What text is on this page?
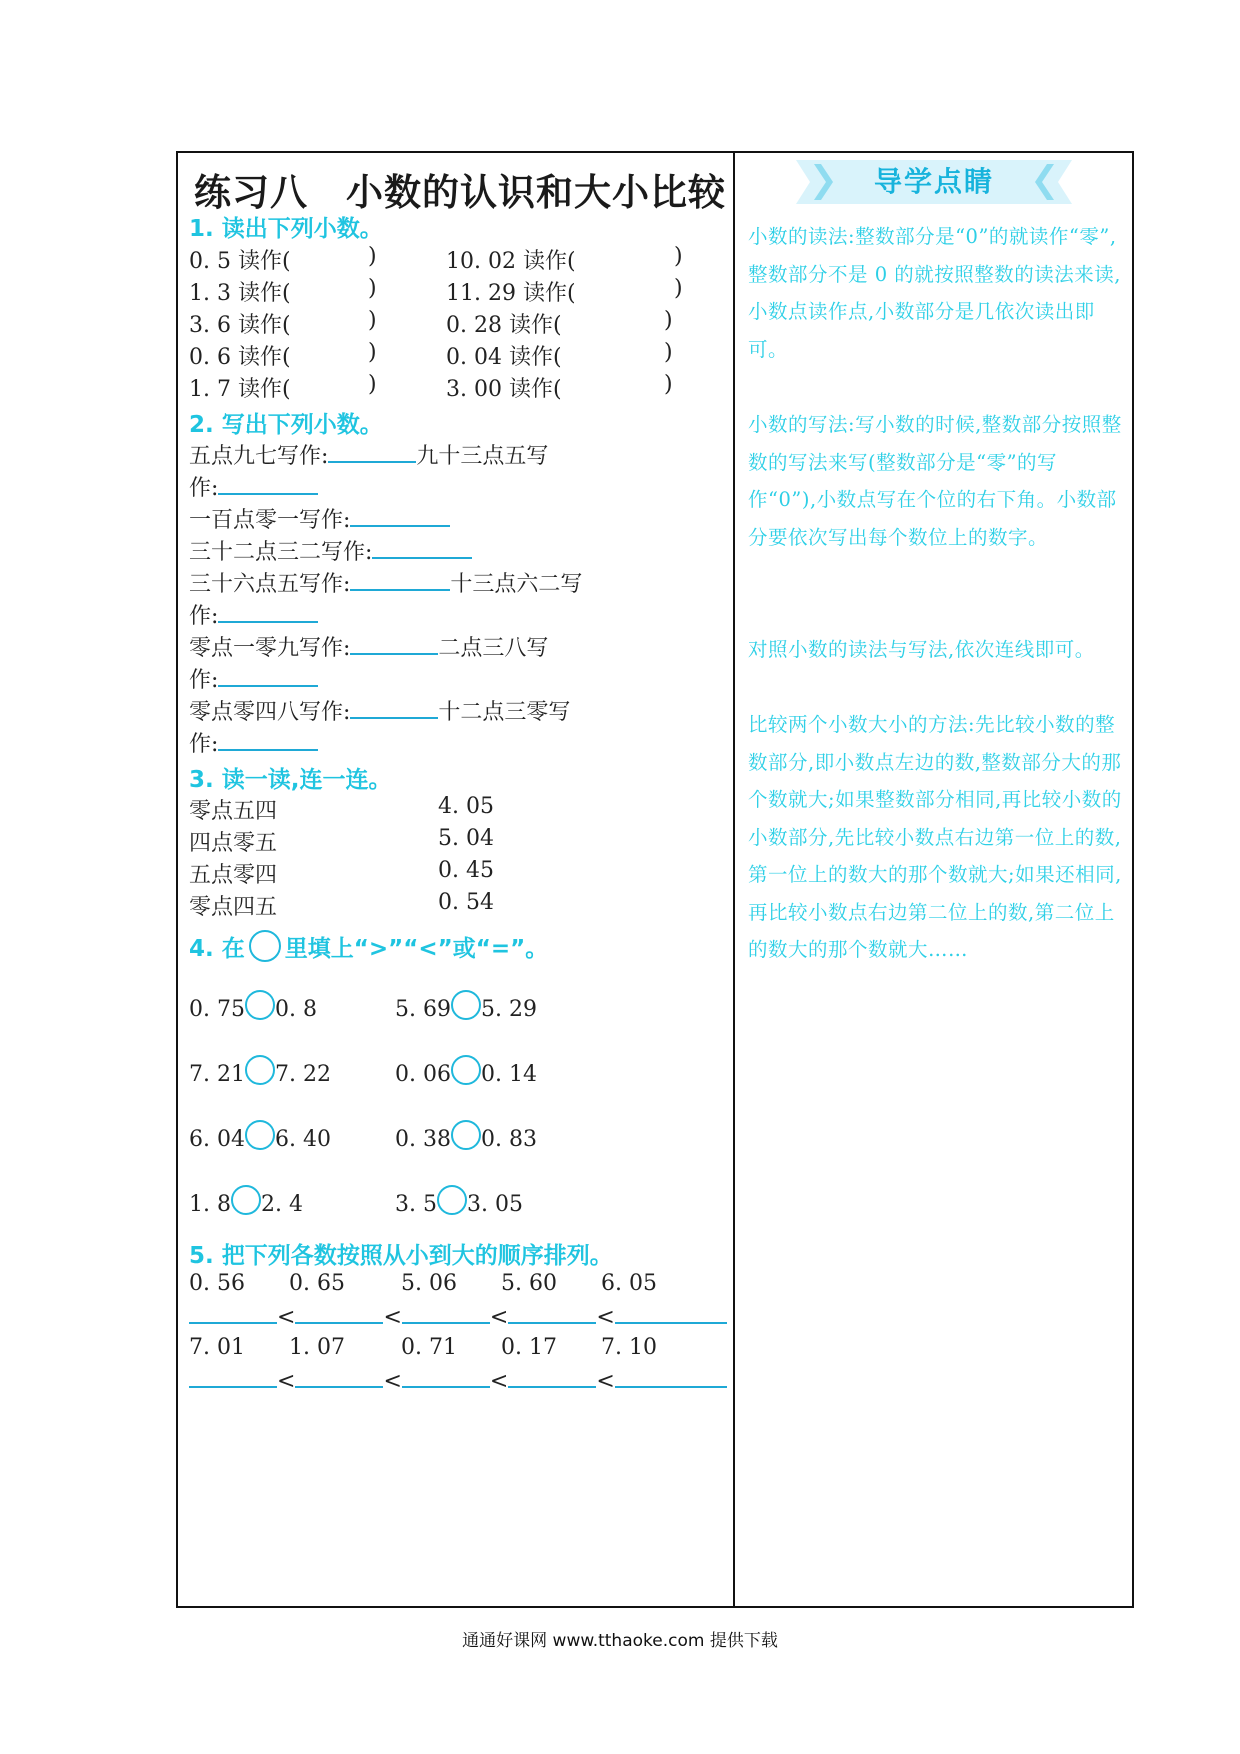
练习八　小数的认识和大小比较	导学点睛
1. 读出下列小数。
0. 5 读作(	)	10. 02 读作(	)
1. 3 读作(	)	11. 29 读作(	)
3. 6 读作(	)	0. 28 读作(	)
0. 6 读作(	)	0. 04 读作(	)
1. 7 读作(	)	3. 00 读作(	)
2. 写出下列小数。
五点九七写作:	九十三点五写
作:
一百点零一写作:
三十二点三二写作:
三十六点五写作:	十三点六二写
作:
零点一零九写作:	二点三八写
作:
零点零四八写作:	十二点三零写
作:
3. 读一读,连一连。
零点五四	4. 05
四点零五	5. 04
五点零四	0. 45
零点四五	0. 54
4. 在 里填上“>”“<”或“=”。
0. 75 0. 8	5. 69 5. 29
7. 21 7. 22	0. 06 0. 14
6. 04 6. 40	0. 38 0. 83
1. 8 2. 4	3. 5 3. 05
5. 把下列各数按照从小到大的顺序排列。
0. 56 0. 65	5. 06 5. 60 6. 05
<	<	<	<
7. 01 1. 07	0. 71 0. 17 7. 10
<	<	<	<
小数的读法:整数部分是“0”的就读作“零”,整数部分不是 0 的就按照整数的读法来读,小数点读作点,小数部分是几依次读出即可。
小数的写法:写小数的时候,整数部分按照整数的写法来写(整数部分是“零”的写作“0”),小数点写在个位的右下角。小数部分要依次写出每个数位上的数字。
对照小数的读法与写法,依次连线即可。
比较两个小数大小的方法:先比较小数的整数部分,即小数点左边的数,整数部分大的那个数就大;如果整数部分相同,再比较小数的小数部分,先比较小数点右边第一位上的数,第一位上的数大的那个数就大;如果还相同,再比较小数点右边第二位上的数,第二位上的数大的那个数就大……
通通好课网 www.tthaoke.com 提供下载
